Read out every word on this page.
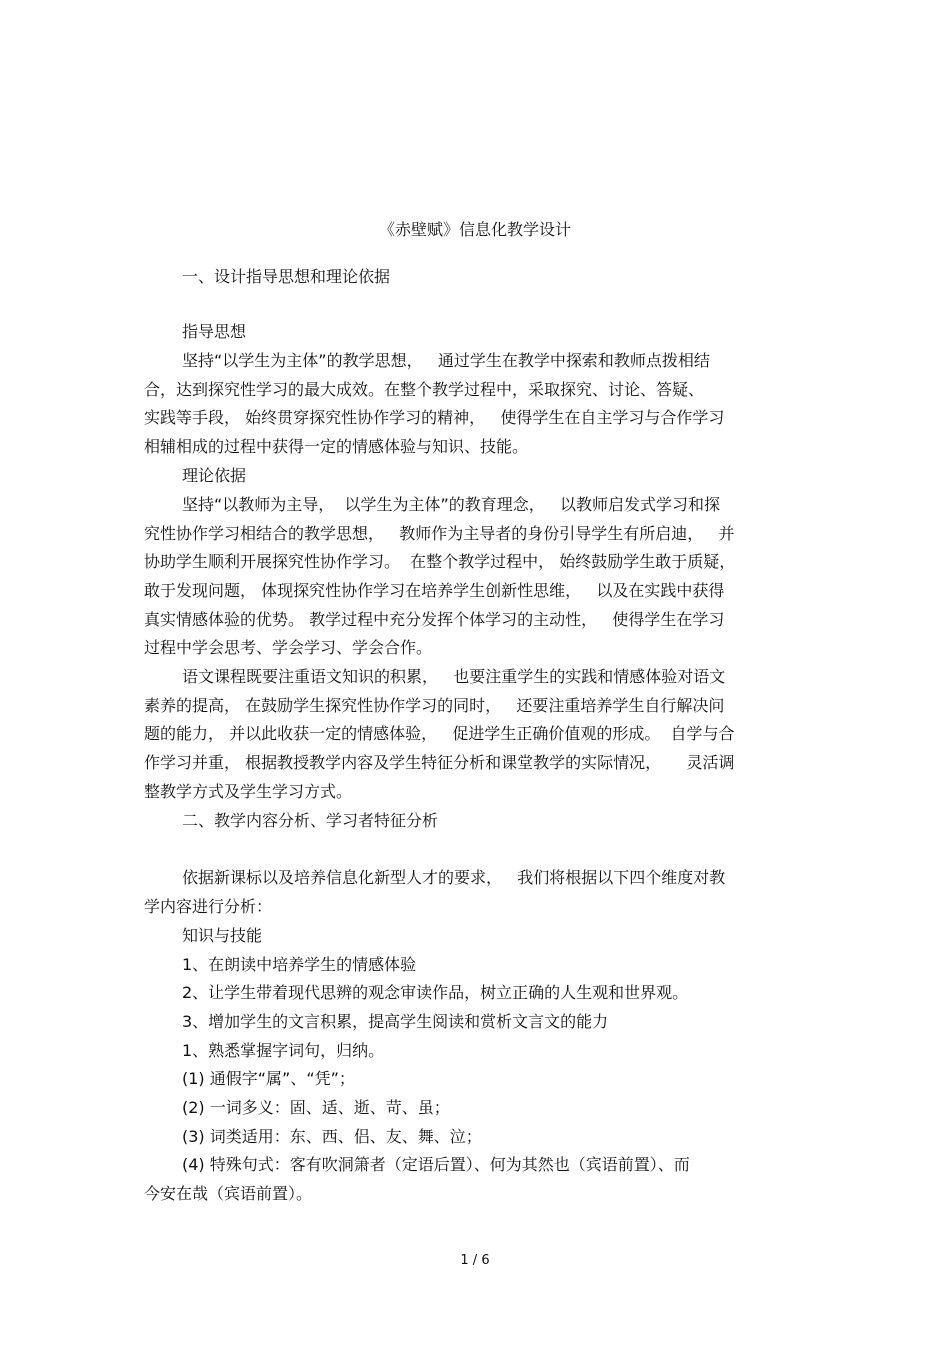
《赤壁赋》信息化教学设计
一、设计指导思想和理论依据
指导思想
坚持“以学生为主体”的教学思想，   通过学生在教学中探索和教师点拨相结
合，达到探究性学习的最大成效。在整个教学过程中，采取探究、讨论、答疑、
实践等手段， 始终贯穿探究性协作学习的精神，   使得学生在自主学习与合作学习
相辅相成的过程中获得一定的情感体验与知识、技能。
理论依据
坚持“以教师为主导，  以学生为主体”的教育理念，   以教师启发式学习和探
究性协作学习相结合的教学思想，   教师作为主导者的身份引导学生有所启迪，   并
协助学生顺利开展探究性协作学习。  在整个教学过程中， 始终鼓励学生敢于质疑，
敢于发现问题， 体现探究性协作学习在培养学生创新性思维，   以及在实践中获得
真实情感体验的优势。 教学过程中充分发挥个体学习的主动性，   使得学生在学习
过程中学会思考、学会学习、学会合作。
语文课程既要注重语文知识的积累，   也要注重学生的实践和情感体验对语文
素养的提高， 在鼓励学生探究性协作学习的同时，   还要注重培养学生自行解决问
题的能力， 并以此收获一定的情感体验，   促进学生正确价值观的形成。  自学与合
作学习并重， 根据教授教学内容及学生特征分析和课堂教学的实际情况，     灵活调
整教学方式及学生学习方式。
二、教学内容分析、学习者特征分析
依据新课标以及培养信息化新型人才的要求，   我们将根据以下四个维度对教
学内容进行分析：
知识与技能
1、在朗读中培养学生的情感体验
2、让学生带着现代思辨的观念审读作品，树立正确的人生观和世界观。
3、增加学生的文言积累，提高学生阅读和赏析文言文的能力
1、熟悉掌握字词句，归纳。
(1) 通假字“属”、“凭”；
(2) 一词多义：固、适、逝、苛、虽；
(3) 词类适用：东、西、侣、友、舞、泣；
(4) 特殊句式：客有吹洞箫者（定语后置）、何为其然也（宾语前置）、而
今安在哉（宾语前置）。
1 / 6
